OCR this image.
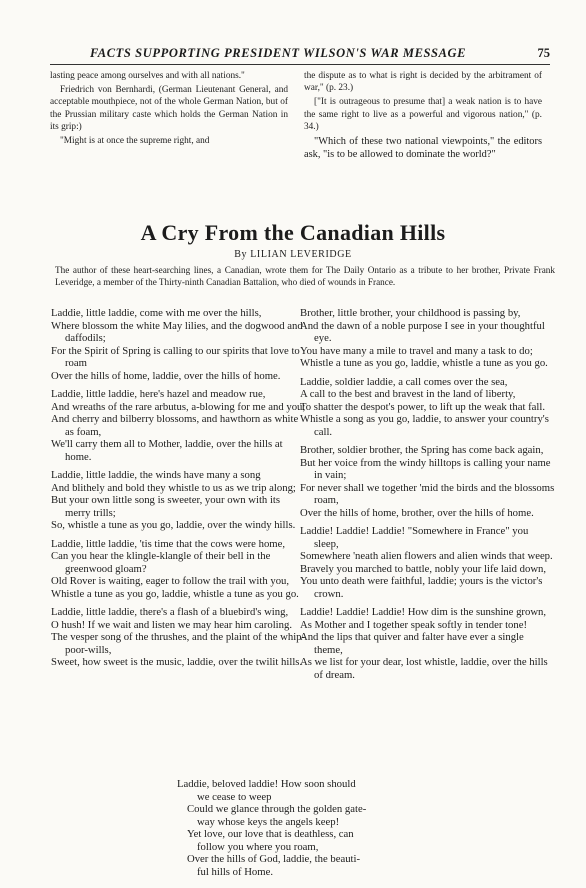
FACTS SUPPORTING PRESIDENT WILSON'S WAR MESSAGE	75

lasting peace among ourselves and with all nations."

Friedrich von Bernhardi, (German Lieutenant General, and acceptable mouthpiece, not of the whole German Nation, but of the Prussian military caste which holds the German Nation in its grip:)

"Might is at once the supreme right, and

the dispute as to what is right is decided by the arbitrament of war," (p. 23.)

["It is outrageous to presume that] a weak nation is to have the same right to live as a powerful and vigorous nation," (p. 34.)

"Which of these two national viewpoints," the editors ask, "is to be allowed to dominate the world?"

A Cry From the Canadian Hills
By LILIAN LEVERIDGE
The author of these heart-searching lines, a Canadian, wrote them for The Daily Ontario as a tribute to her brother, Private Frank Leveridge, a member of the Thirty-ninth Canadian Battalion, who died of wounds in France.
Laddie, little laddie, come with me over the hills,
Where blossom the white May lilies, and the dogwood and daffodils;
For the Spirit of Spring is calling to our spirits that love to roam
Over the hills of home, laddie, over the hills of home.
Laddie, little laddie, here's hazel and meadow rue,
And wreaths of the rare arbutus, a-blowing for me and you;
And cherry and bilberry blossoms, and hawthorn as white as foam,
We'll carry them all to Mother, laddie, over the hills at home.
Laddie, little laddie, the winds have many a song
And blithely and bold they whistle to us as we trip along;
But your own little song is sweeter, your own with its merry trills;
So, whistle a tune as you go, laddie, over the windy hills.
Laddie, little laddie, 'tis time that the cows were home,
Can you hear the klingle-klangle of their bell in the greenwood gloam?
Old Rover is waiting, eager to follow the trail with you,
Whistle a tune as you go, laddie, whistle a tune as you go.
Laddie, little laddie, there's a flash of a bluebird's wing,
O hush! If we wait and listen we may hear him caroling.
The vesper song of the thrushes, and the plaint of the whip-poor-wills,
Sweet, how sweet is the music, laddie, over the twilit hills.
Brother, little brother, your childhood is passing by,
And the dawn of a noble purpose I see in your thoughtful eye.
You have many a mile to travel and many a task to do;
Whistle a tune as you go, laddie, whistle a tune as you go.
Laddie, soldier laddie, a call comes over the sea,
A call to the best and bravest in the land of liberty,
To shatter the despot's power, to lift up the weak that fall.
Whistle a song as you go, laddie, to answer your country's call.
Brother, soldier brother, the Spring has come back again,
But her voice from the windy hilltops is calling your name in vain;
For never shall we together 'mid the birds and the blossoms roam,
Over the hills of home, brother, over the hills of home.
Laddie! Laddie! Laddie! "Somewhere in France" you sleep,
Somewhere 'neath alien flowers and alien winds that weep.
Bravely you marched to battle, nobly your life laid down,
You unto death were faithful, laddie; yours is the victor's crown.
Laddie! Laddie! Laddie! How dim is the sunshine grown,
As Mother and I together speak softly in tender tone!
And the lips that quiver and falter have ever a single theme,
As we list for your dear, lost whistle, laddie, over the hills of dream.
Laddie, beloved laddie! How soon should
we cease to weep
Could we glance through the golden gate-
way whose keys the angels keep!
Yet love, our love that is deathless, can
follow you where you roam,
Over the hills of God, laddie, the beauti-
ful hills of Home.
